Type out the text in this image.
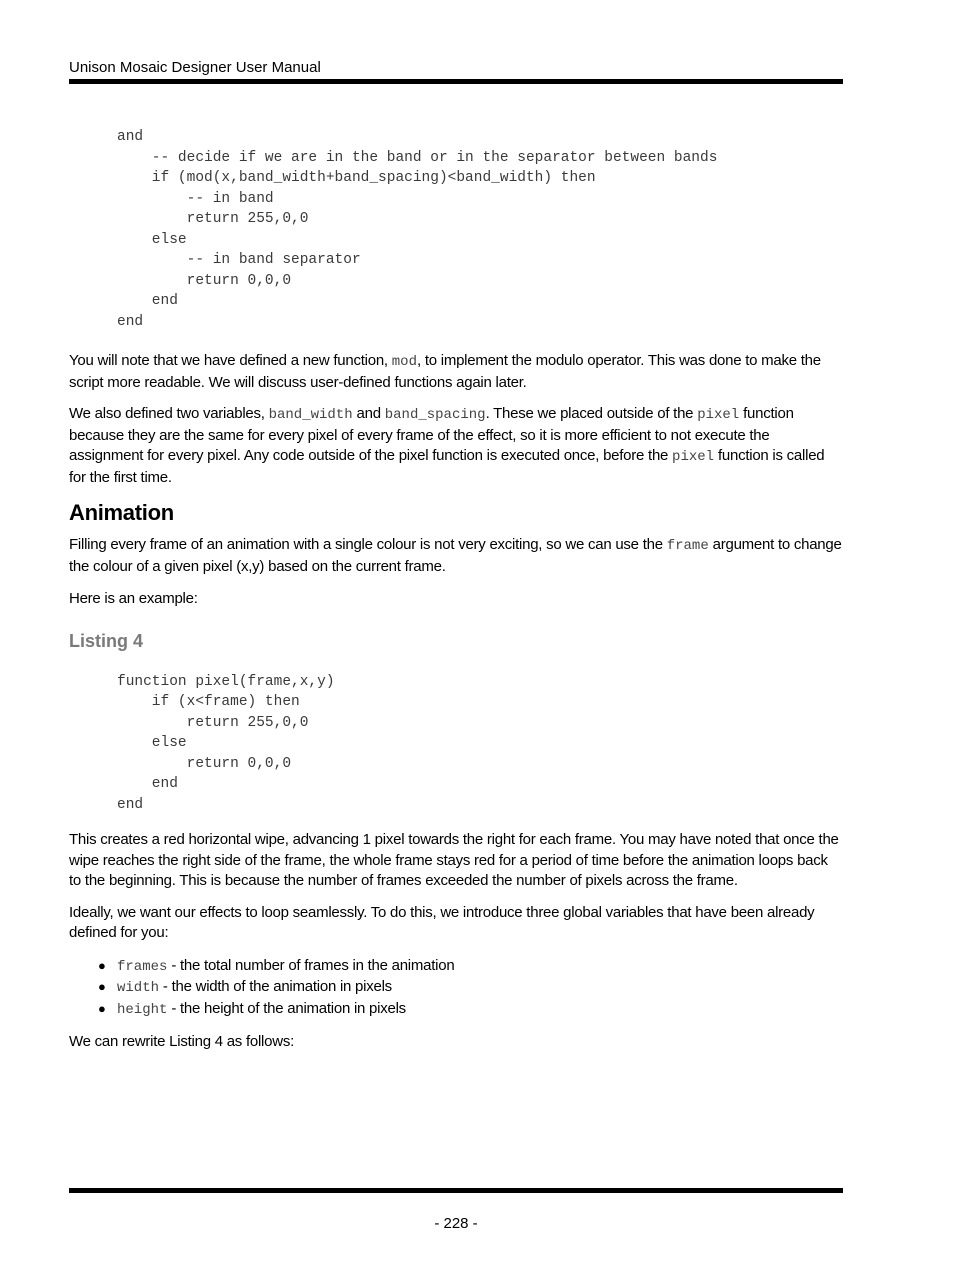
Unison Mosaic Designer User Manual
and
-- decide if we are in the band or in the separator between bands
if (mod(x,band_width+band_spacing)<band_width) then
-- in band
return 255,0,0
else
-- in band separator
return 0,0,0
end
end

You will note that we have defined a new function, mod, to implement the modulo operator. This was done to make the script more readable. We will discuss user-defined functions again later.

We also defined two variables, band_width and band_spacing. These we placed outside of the pixel function because they are the same for every pixel of every frame of the effect, so it is more efficient to not execute the assignment for every pixel. Any code outside of the pixel function is executed once, before the pixel function is called for the first time.

Animation

Filling every frame of an animation with a single colour is not very exciting, so we can use the frame argument to change the colour of a given pixel (x,y) based on the current frame.

Here is an example:

Listing 4
function pixel(frame,x,y)
if (x<frame) then
return 255,0,0
else
return 0,0,0
end
end

This creates a red horizontal wipe, advancing 1 pixel towards the right for each frame. You may have noted that once the wipe reaches the right side of the frame, the whole frame stays red for a period of time before the animation loops back to the beginning. This is because the number of frames exceeded the number of pixels across the frame.

Ideally, we want our effects to loop seamlessly. To do this, we introduce three global variables that have been already defined for you:

● frames - the total number of frames in the animation
● width - the width of the animation in pixels
● height - the height of the animation in pixels

We can rewrite Listing 4 as follows:

- 228 -
